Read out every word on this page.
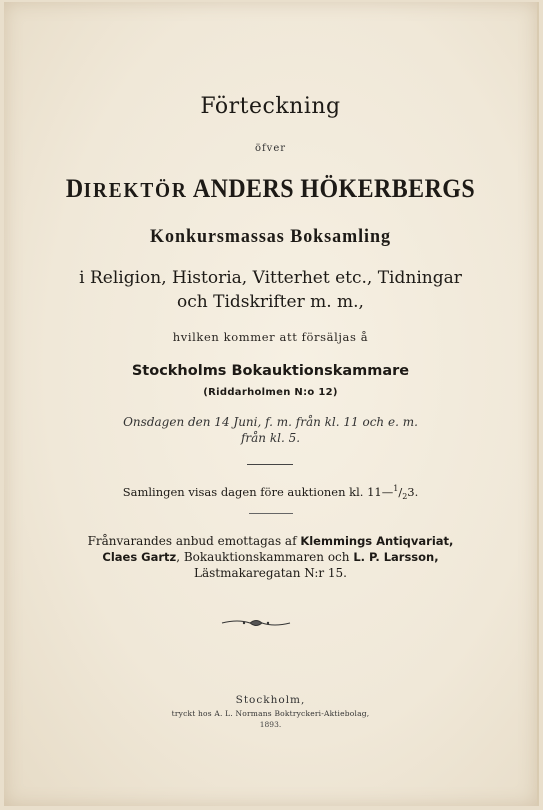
Förteckning
öfver
DIREKTÖR ANDERS HÖKERBERGS
Konkursmassas Boksamling
i Religion, Historia, Vitterhet etc., Tidningar
och Tidskrifter m. m.,
hvilken kommer att försäljas å
Stockholms Bokauktionskammare
(Riddarholmen N:o 12)
Onsdagen den 14 Juni, f. m. från kl. 11 och e. m.
från kl. 5.
Samlingen visas dagen före auktionen kl. $11—^1/_23$.
Frånvarandes anbud emottagas af Klemmings Antiqvariat,
Claes Gartz, Bokauktionskammaren och L. P. Larsson,
Lästmakaregatan N:r 15.
Stockholm,
tryckt hos A. L. Normans Boktryckeri-Aktiebolag,
1893.
